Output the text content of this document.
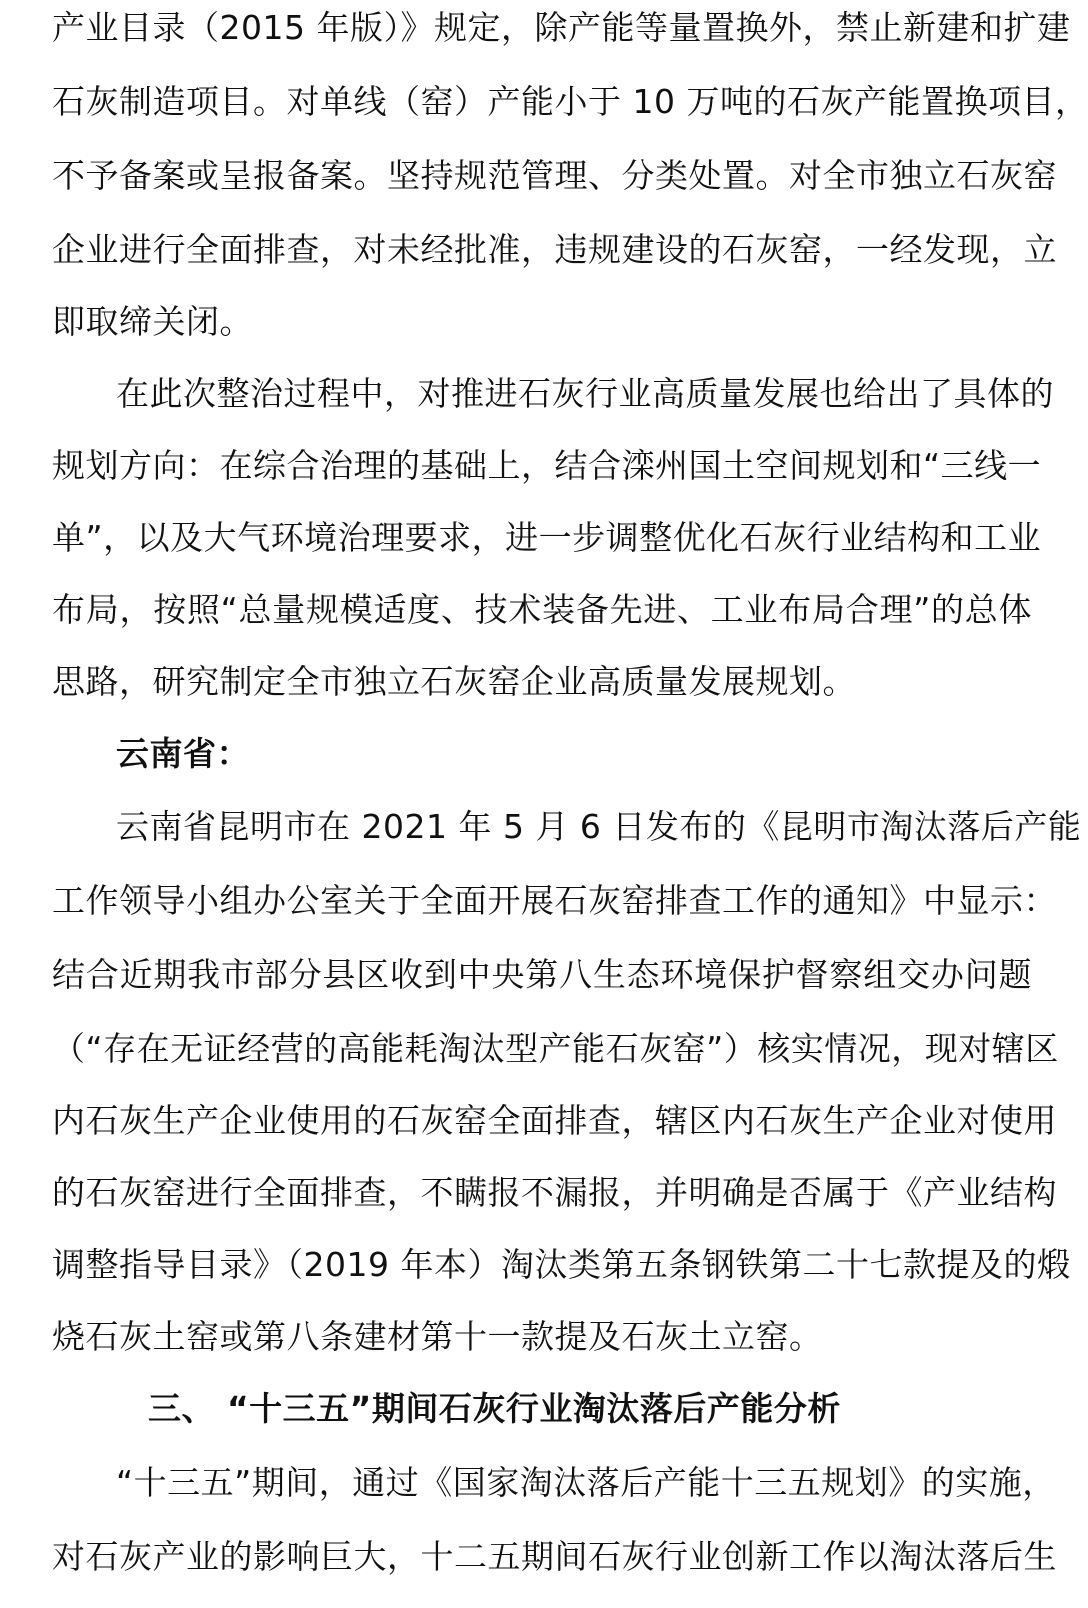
产业目录（2015 年版）》规定，除产能等量置换外，禁止新建和扩建
石灰制造项目。对单线（窑）产能小于 10 万吨的石灰产能置换项目，
不予备案或呈报备案。坚持规范管理、分类处置。对全市独立石灰窑
企业进行全面排查，对未经批准，违规建设的石灰窑，一经发现，立
即取缔关闭。
在此次整治过程中，对推进石灰行业高质量发展也给出了具体的
规划方向：在综合治理的基础上，结合滦州国土空间规划和“三线一
单”，以及大气环境治理要求，进一步调整优化石灰行业结构和工业
布局，按照“总量规模适度、技术装备先进、工业布局合理”的总体
思路，研究制定全市独立石灰窑企业高质量发展规划。
云南省：
云南省昆明市在 2021 年 5 月 6 日发布的《昆明市淘汰落后产能
工作领导小组办公室关于全面开展石灰窑排查工作的通知》中显示：
结合近期我市部分县区收到中央第八生态环境保护督察组交办问题
（“存在无证经营的高能耗淘汰型产能石灰窑”）核实情况，现对辖区
内石灰生产企业使用的石灰窑全面排查，辖区内石灰生产企业对使用
的石灰窑进行全面排查，不瞒报不漏报，并明确是否属于《产业结构
调整指导目录》（2019 年本）淘汰类第五条钢铁第二十七款提及的煅
烧石灰土窑或第八条建材第十一款提及石灰土立窑。
三、 “十三五”期间石灰行业淘汰落后产能分析
“十三五”期间，通过《国家淘汰落后产能十三五规划》的实施，
对石灰产业的影响巨大，十二五期间石灰行业创新工作以淘汰落后生
